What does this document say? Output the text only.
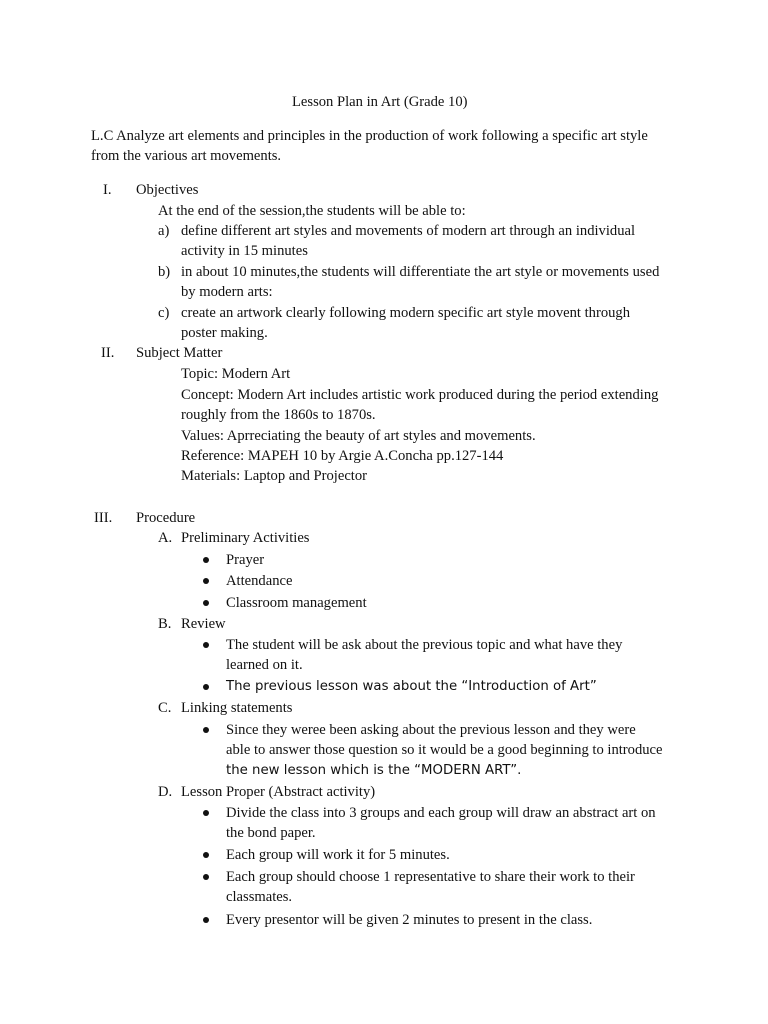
Lesson Plan in Art (Grade 10)
L.C Analyze art elements and principles in the production of work following a specific art style
from the various art movements.
I. Objectives
At the end of the session,the students will be able to:
a) define different art styles and movements of modern art through an individual
activity in 15 minutes
b) in about 10 minutes,the students will differentiate the art style or movements used
by modern arts:
c) create an artwork clearly following modern specific art style movent through
poster making.
II. Subject Matter
Topic: Modern Art
Concept: Modern Art includes artistic work produced during the period extending
roughly from the 1860s to 1870s.
Values: Aprreciating the beauty of art styles and movements.
Reference: MAPEH 10 by Argie A.Concha pp.127-144
Materials: Laptop and Projector
III. Procedure
A. Preliminary Activities
Prayer
Attendance
Classroom management
B. Review
The student will be ask about the previous topic and what have they
learned on it.
The previous lesson was about the “Introduction of Art”
C. Linking statements
Since they weree been asking about the previous lesson and they were
able to answer those question so it would be a good beginning to introduce
the new lesson which is the “MODERN ART”.
D. Lesson Proper (Abstract activity)
Divide the class into 3 groups and each group will draw an abstract art on
the bond paper.
Each group will work it for 5 minutes.
Each group should choose 1 representative to share their work to their
classmates.
Every presentor will be given 2 minutes to present in the class.
